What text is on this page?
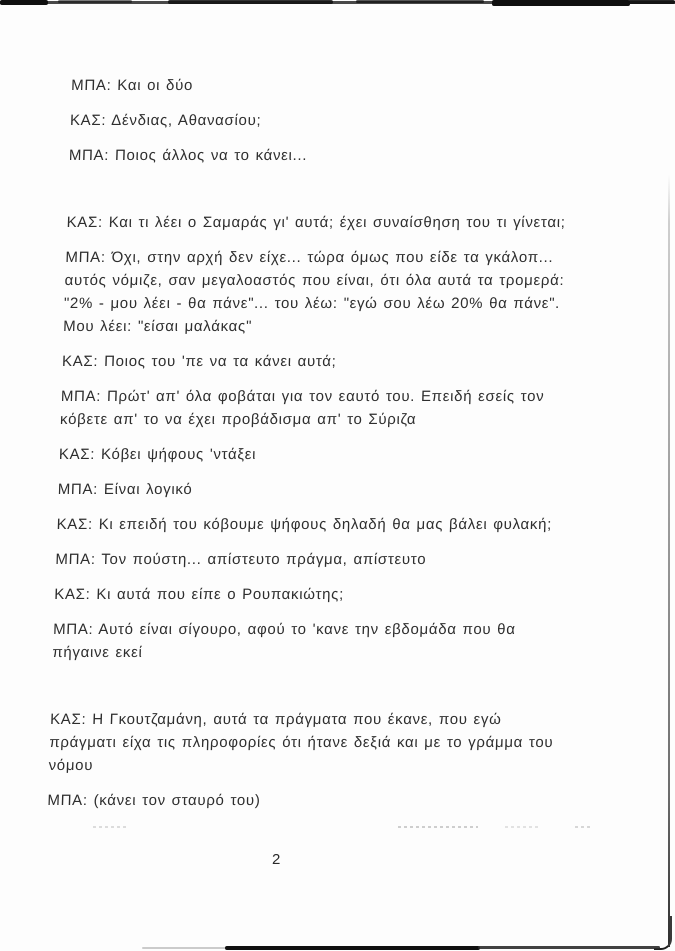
ΜΠΑ: Και οι δύο

ΚΑΣ: Δένδιας, Αθανασίου;

ΜΠΑ: Ποιος άλλος να το κάνει...

ΚΑΣ: Και τι λέει ο Σαμαράς γι' αυτά; έχει συναίσθηση του τι γίνεται;

ΜΠΑ: Όχι, στην αρχή δεν είχε... τώρα όμως που είδε τα γκάλοπ...
αυτός νόμιζε, σαν μεγαλοαστός που είναι, ότι όλα αυτά τα τρομερά:
"2% - μου λέει - θα πάνε"... του λέω: "εγώ σου λέω 20% θα πάνε".
Μου λέει: "είσαι μαλάκας"

ΚΑΣ: Ποιος του 'πε να τα κάνει αυτά;

ΜΠΑ: Πρώτ' απ' όλα φοβάται για τον εαυτό του. Επειδή εσείς τον
κόβετε απ' το να έχει προβάδισμα απ' το Σύριζα

ΚΑΣ: Κόβει ψήφους 'ντάξει

ΜΠΑ: Είναι λογικό

ΚΑΣ: Κι επειδή του κόβουμε ψήφους δηλαδή θα μας βάλει φυλακή;

ΜΠΑ: Τον πούστη... απίστευτο πράγμα, απίστευτο

ΚΑΣ: Κι αυτά που είπε ο Ρουπακιώτης;

ΜΠΑ: Αυτό είναι σίγουρο, αφού το 'κανε την εβδομάδα που θα
πήγαινε εκεί

ΚΑΣ: Η Γκουτζαμάνη, αυτά τα πράγματα που έκανε, που εγώ
πράγματι είχα τις πληροφορίες ότι ήτανε δεξιά και με το γράμμα του
νόμου

ΜΠΑ: (κάνει τον σταυρό του)

2
